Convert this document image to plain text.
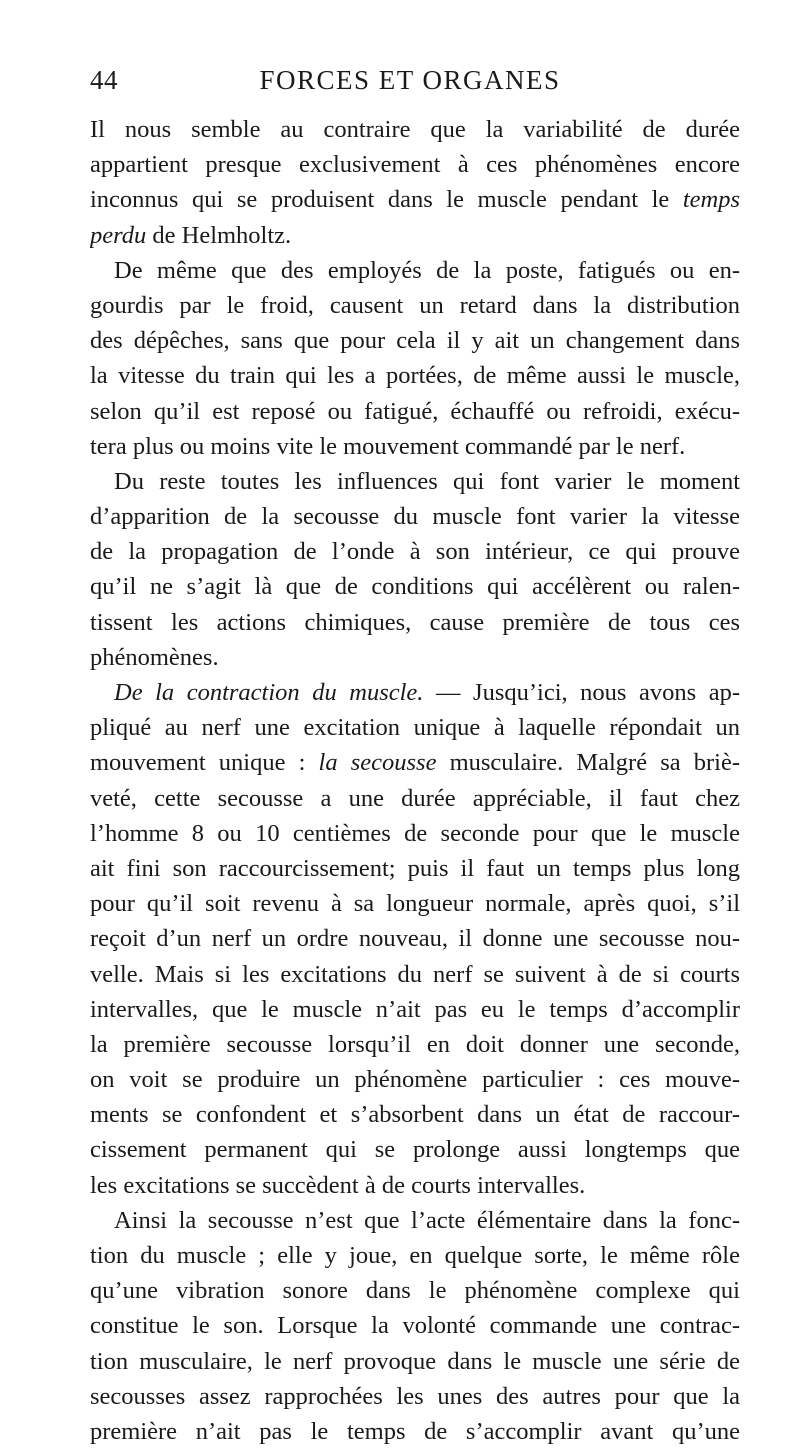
44	FORCES ET ORGANES
Il nous semble au contraire que la variabilité de durée
appartient presque exclusivement à ces phénomènes encore
inconnus qui se produisent dans le muscle pendant le temps
perdu de Helmholtz.
De même que des employés de la poste, fatigués ou en-
gourdis par le froid, causent un retard dans la distribution
des dépêches, sans que pour cela il y ait un changement dans
la vitesse du train qui les a portées, de même aussi le muscle,
selon qu’il est reposé ou fatigué, échauffé ou refroidi, exécu-
tera plus ou moins vite le mouvement commandé par le nerf.
Du reste toutes les influences qui font varier le moment
d’apparition de la secousse du muscle font varier la vitesse
de la propagation de l’onde à son intérieur, ce qui prouve
qu’il ne s’agit là que de conditions qui accélèrent ou ralen-
tissent les actions chimiques, cause première de tous ces
phénomènes.
De la contraction du muscle. — Jusqu’ici, nous avons ap-
pliqué au nerf une excitation unique à laquelle répondait un
mouvement unique : la secousse musculaire. Malgré sa briè-
veté, cette secousse a une durée appréciable, il faut chez
l’homme 8 ou 10 centièmes de seconde pour que le muscle
ait fini son raccourcissement; puis il faut un temps plus long
pour qu’il soit revenu à sa longueur normale, après quoi, s’il
reçoit d’un nerf un ordre nouveau, il donne une secousse nou-
velle. Mais si les excitations du nerf se suivent à de si courts
intervalles, que le muscle n’ait pas eu le temps d’accomplir
la première secousse lorsqu’il en doit donner une seconde,
on voit se produire un phénomène particulier : ces mouve-
ments se confondent et s’absorbent dans un état de raccour-
cissement permanent qui se prolonge aussi longtemps que
les excitations se succèdent à de courts intervalles.
Ainsi la secousse n’est que l’acte élémentaire dans la fonc-
tion du muscle ; elle y joue, en quelque sorte, le même rôle
qu’une vibration sonore dans le phénomène complexe qui
constitue le son. Lorsque la volonté commande une contrac-
tion musculaire, le nerf provoque dans le muscle une série de
secousses assez rapprochées les unes des autres pour que la
première n’ait pas le temps de s’accomplir avant qu’une
